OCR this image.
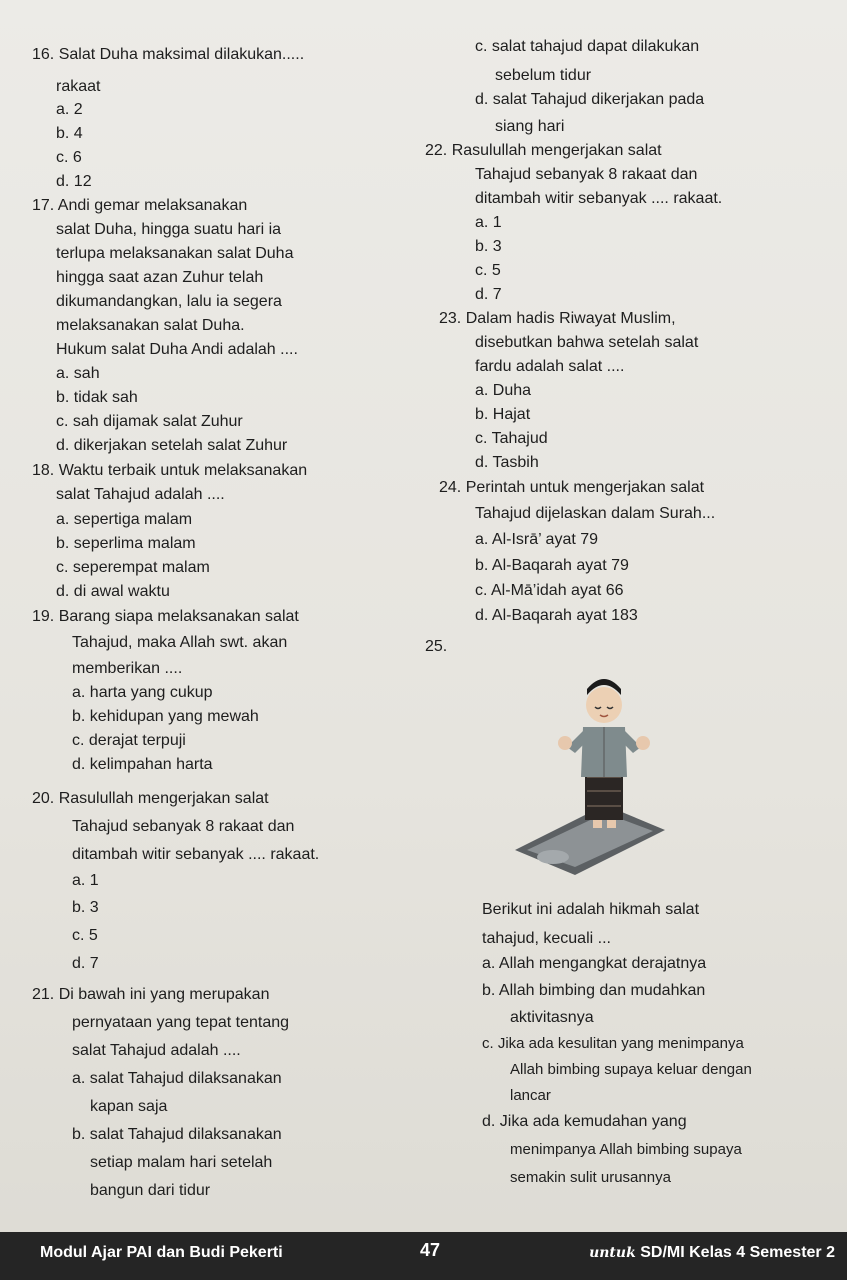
16. Salat Duha maksimal dilakukan.....
rakaat
a. 2
b. 4
c. 6
d. 12
17. Andi gemar melaksanakan
salat Duha, hingga suatu hari ia
terlupa melaksanakan salat Duha
hingga saat azan Zuhur telah
dikumandangkan, lalu ia segera
melaksanakan salat Duha.
Hukum salat Duha Andi adalah ....
a. sah
b. tidak sah
c. sah dijamak salat Zuhur
d. dikerjakan setelah salat Zuhur
18. Waktu terbaik untuk melaksanakan
salat Tahajud adalah ....
a. sepertiga malam
b. seperlima malam
c. seperempat malam
d. di awal waktu
19. Barang siapa melaksanakan salat
Tahajud, maka Allah swt. akan
memberikan ....
a. harta yang cukup
b. kehidupan yang mewah
c. derajat terpuji
d. kelimpahan harta
20. Rasulullah mengerjakan salat
Tahajud sebanyak 8 rakaat dan
ditambah witir sebanyak .... rakaat.
a. 1
b. 3
c. 5
d. 7
21. Di bawah ini yang merupakan
pernyataan yang tepat tentang
salat Tahajud adalah ....
a. salat Tahajud dilaksanakan
kapan saja
b. salat Tahajud dilaksanakan
setiap malam hari setelah
bangun dari tidur
c. salat tahajud dapat dilakukan
sebelum tidur
d. salat Tahajud dikerjakan pada
siang hari
22. Rasulullah mengerjakan salat
Tahajud sebanyak 8 rakaat dan
ditambah witir sebanyak .... rakaat.
a. 1
b. 3
c. 5
d. 7
23. Dalam hadis Riwayat Muslim,
disebutkan bahwa setelah salat
fardu adalah salat ....
a. Duha
b. Hajat
c. Tahajud
d. Tasbih
24. Perintah untuk mengerjakan salat
Tahajud dijelaskan dalam Surah...
a. Al-Isrā’ ayat 79
b. Al-Baqarah ayat 79
c. Al-Mā’idah ayat 66
d. Al-Baqarah ayat 183
25.
Berikut ini adalah hikmah salat
tahajud, kecuali ...
a. Allah mengangkat derajatnya
b. Allah bimbing dan mudahkan
aktivitasnya
c. Jika ada kesulitan yang menimpanya
Allah bimbing supaya keluar dengan
lancar
d. Jika ada kemudahan yang
menimpanya Allah bimbing supaya
semakin sulit urusannya
Modul Ajar PAI dan Budi Pekerti	47	untuk SD/MI Kelas 4 Semester 2
